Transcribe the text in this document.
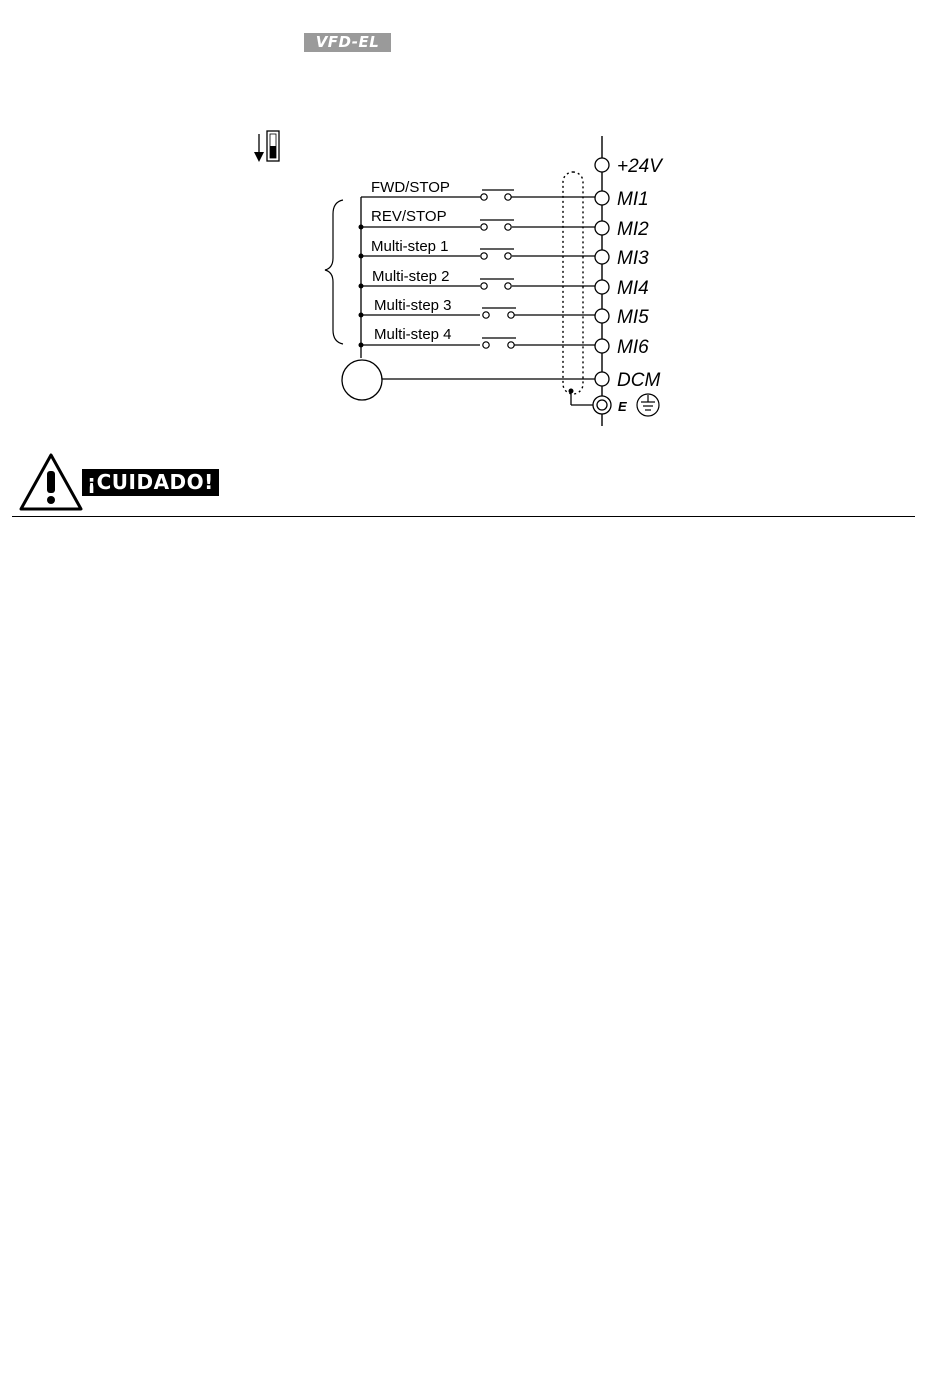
VFD-EL
FWD/STOP
REV/STOP
Multi-step 1
Multi-step 2
Multi-step 3
Multi-step 4
+24V
MI1
MI2
MI3
MI4
MI5
MI6
DCM
E
¡CUIDADO!
